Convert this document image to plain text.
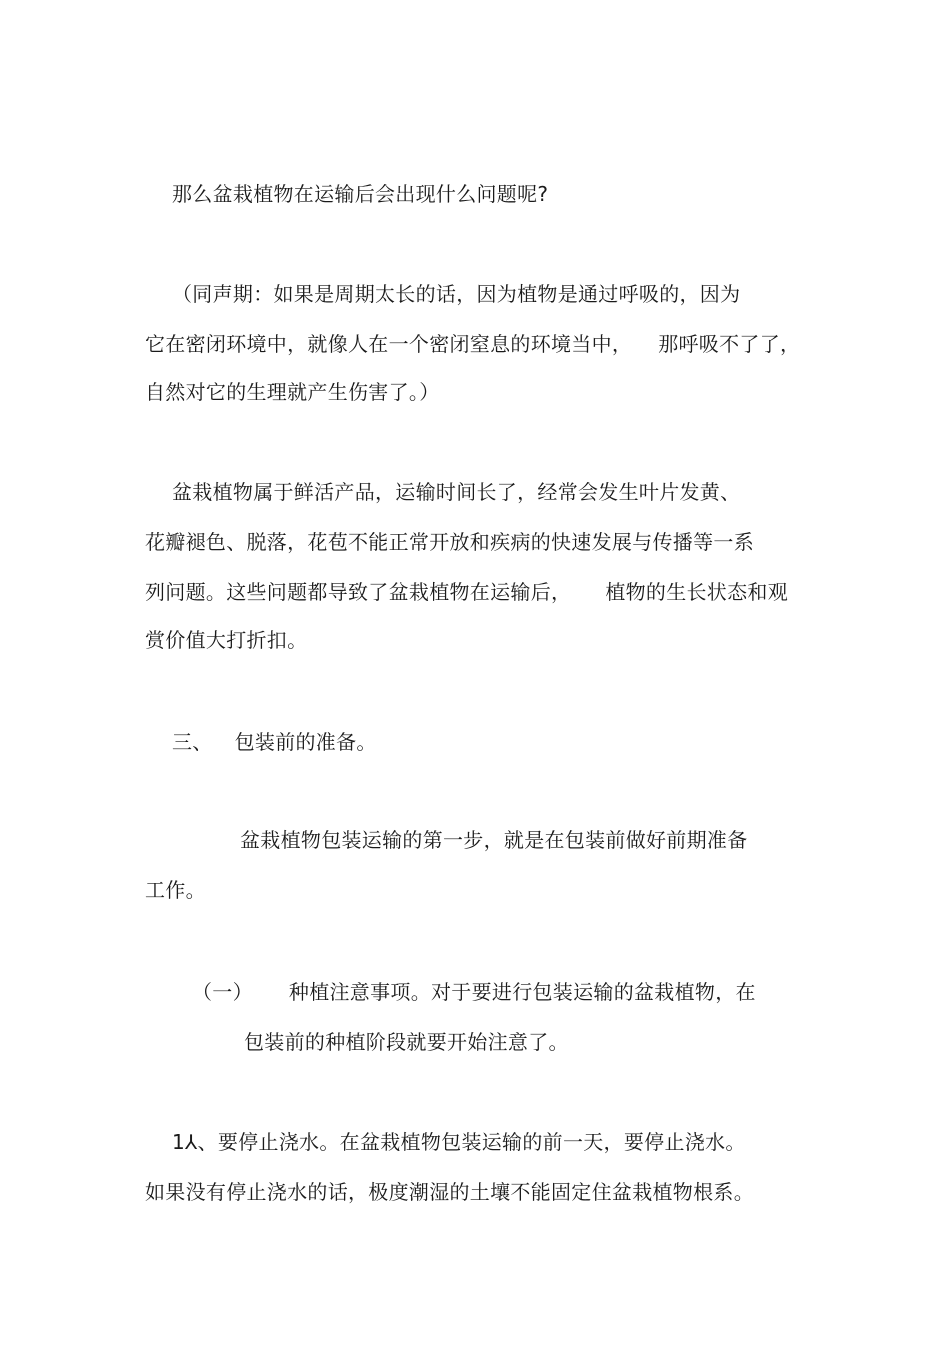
那么盆栽植物在运输后会出现什么问题呢?
（同声期：如果是周期太长的话，因为植物是通过呼吸的，因为
它在密闭环境中，就像人在一个密闭窒息的环境当中， 那呼吸不了了，
自然对它的生理就产生伤害了。）
盆栽植物属于鲜活产品，运输时间长了，经常会发生叶片发黄、
花瓣褪色、脱落，花苞不能正常开放和疾病的快速发展与传播等一系
列问题。这些问题都导致了盆栽植物在运输后， 植物的生长状态和观
赏价值大打折扣。
三、 包装前的准备。
盆栽植物包装运输的第一步，就是在包装前做好前期准备
工作。
（一） 种植注意事项。对于要进行包装运输的盆栽植物，在
包装前的种植阶段就要开始注意了。
1⅄、要停止浇水。在盆栽植物包装运输的前一天，要停止浇水。
如果没有停止浇水的话，极度潮湿的土壤不能固定住盆栽植物根系。
